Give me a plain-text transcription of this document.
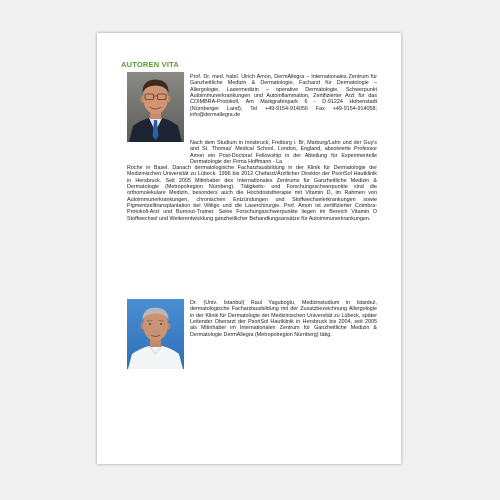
AUTOREN VITA

Prof. Dr. med. habil. Ulrich Amon, DermAllegra – Internationales Zentrum für Ganzheitliche Medizin & Dermatologie, Facharzt für Dermatologie – Allergologie, Lasermedizin – operative Dermatologie, Schwerpunkt Autoimmunerkrankungen und Autoinflammation, Zertifizierter Arzt für das COIMBRA-Protokoll, Am Markgrafenpark 6 - D-91224 Hohenstadt (Nürnberger Land), Tel +49-9154-914056 Fax +49-9154-914058; info@dermallegra.de

Nach dem Studium in Innsbruck, Freiburg i. Br, Marburg/Lahn und der Guy's and St. Thomas' Medical School, London, England, absolvierte Professor Amon ein Post-Doctoral Fellowship in der Abteilung für Experimentelle Dermatologie der Firma Hoffmann - La

Roche in Basel. Danach dermatologische Facharztausbildung in der Klinik für Dermatologie der Medizinischen Universität zu Lübeck. 1996 bis 2012 Chefarzt/Ärztlicher Direktor der PsoriSol Hautklinik in Hersbruck. Seit 2005 Mitinhaber des Internationales Zentrums für Ganzheitliche Medizin & Dermatologie (Metropolregion Nürnberg). Tätigkeits- und Forschungsschwerpunkte sind die orthomolekulare Medizin, besonders auch die Hochdosistherapie mit Vitamin D, im Rahmen von Autoimmunerkrankungen, chronischen Entzündungen und Stoffwechselerkrankungen sowie Pigmentzelltransplantation bei Vitiligo und die Laserchirurgie. Prof. Amon ist zertifizierter Coimbra-Protokoll-Arzt und Burnout-Trainer. Seine Forschungsschwerpunkte liegen im Bereich Vitamin D Stoffwechsel und Weiterentwicklung ganzheitlicher Behandlungsansätze für Autoimmunerkrankungen.

Dr. (Univ. Istanbul) Raul Yaguboglu, Medizinstudium in Istanbul, dermatologische Facharztausbildung mit der Zusatzbezeichnung Allergologie in der Klinik für Dermatologie der Medizinischen Universität zu Lübeck, später Leitender Oberarzt der PsoriSol Hautklinik in Hersbruck bis 2004, seit 2005 als Mitinhaber im Internationalen Zentrum für Ganzheitliche Medizin & Dermatologie DermAllegra (Metropolregion Nürnberg) tätig.
